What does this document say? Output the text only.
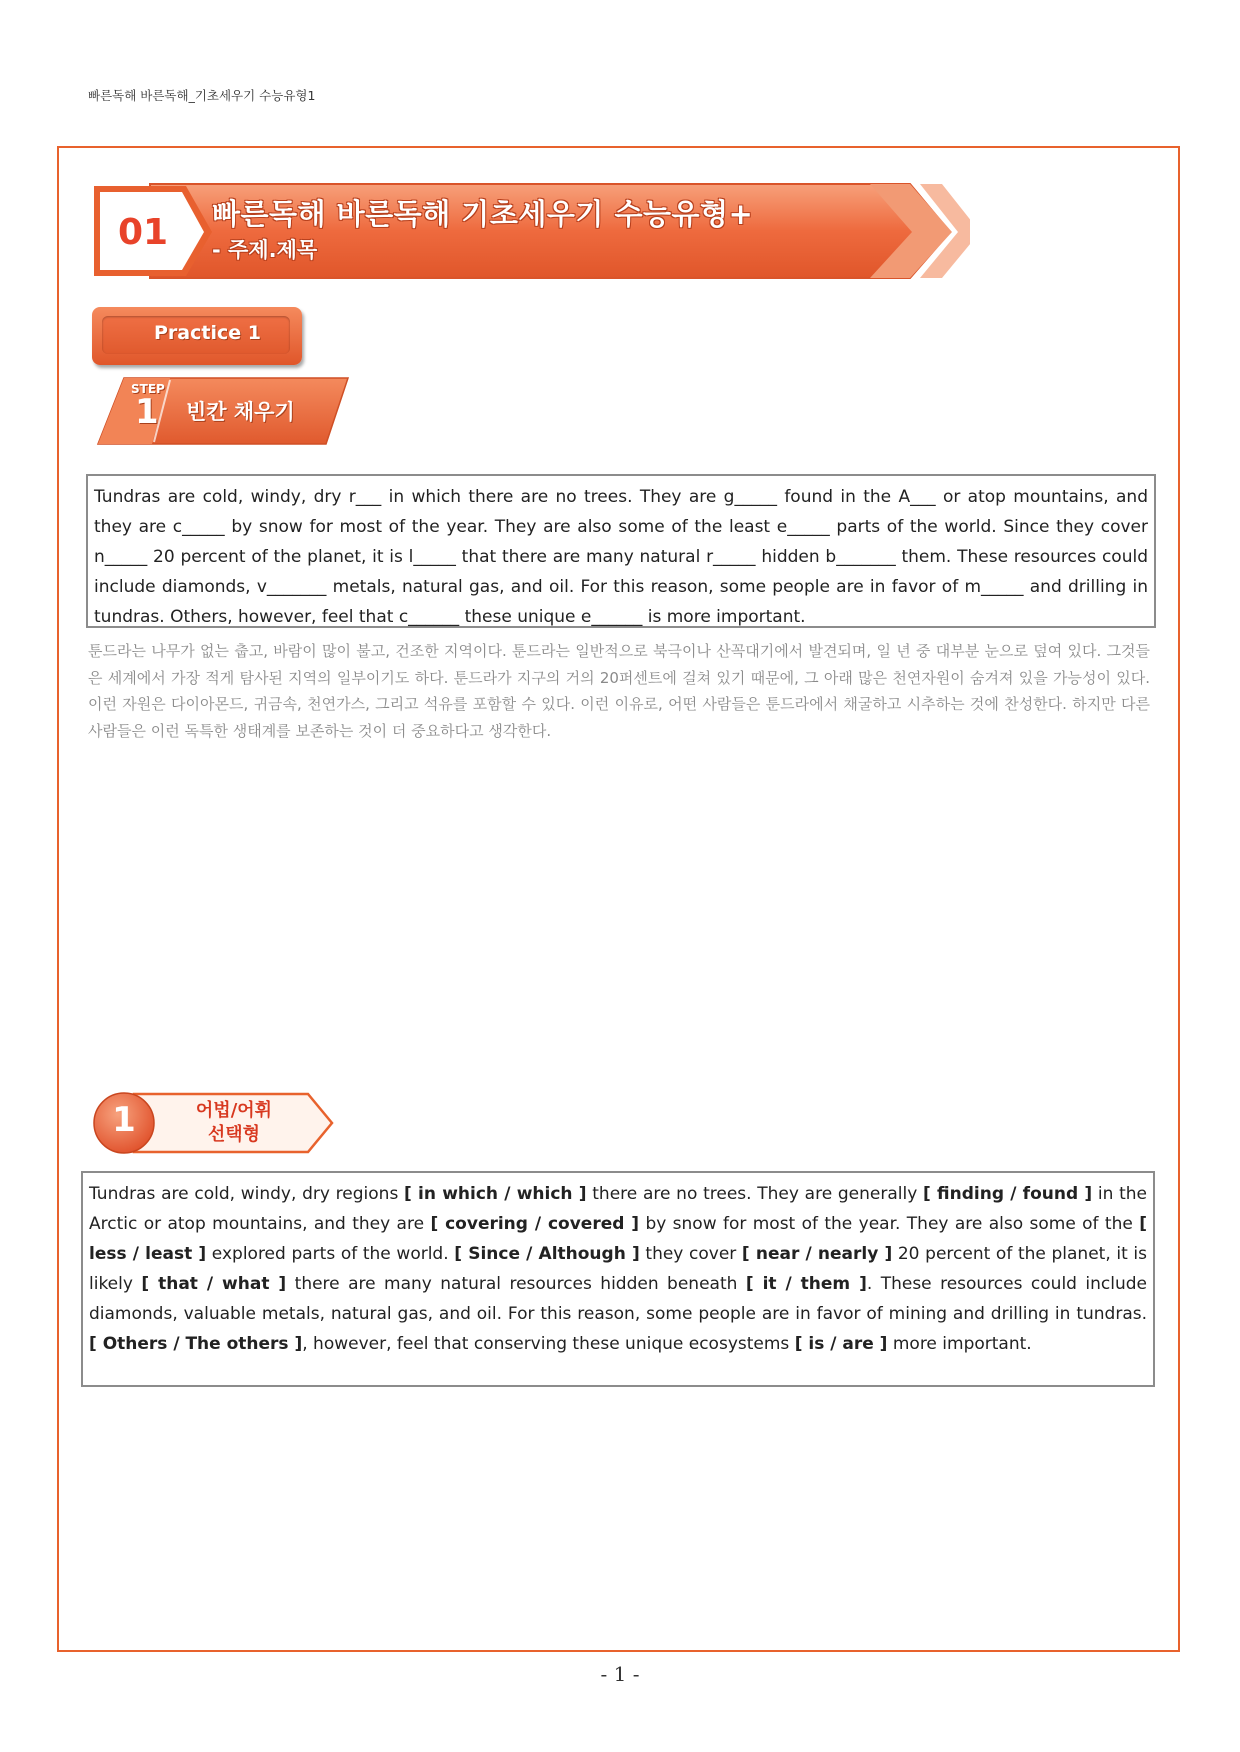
빠른독해 바른독해_기초세우기 수능유형1
01	빠른독해 바른독해 기초세우기 수능유형+
- 주제.제목
Practice 1
STEP
1 빈칸 채우기
Tundras are cold, windy, dry r___ in which there are no trees. They are g_____ found in the A___ or atop mountains, and they are c_____ by snow for most of the year. They are also some of the least e_____ parts of the world. Since they cover n_____ 20 percent of the planet, it is l_____ that there are many natural r_____ hidden b_______ them. These resources could include diamonds, v_______ metals, natural gas, and oil. For this reason, some people are in favor of m_____ and drilling in tundras. Others, however, feel that c______ these unique e______ is more important.
툰드라는 나무가 없는 춥고, 바람이 많이 불고, 건조한 지역이다. 툰드라는 일반적으로 북극이나 산꼭대기에서 발견되며, 일 년 중 대부분 눈으로 덮여 있다. 그것들은 세계에서 가장 적게 탐사된 지역의 일부이기도 하다. 툰드라가 지구의 거의 20퍼센트에 걸쳐 있기 때문에, 그 아래 많은 천연자원이 숨겨져 있을 가능성이 있다. 이런 자원은 다이아몬드, 귀금속, 천연가스, 그리고 석유를 포함할 수 있다. 이런 이유로, 어떤 사람들은 툰드라에서 채굴하고 시추하는 것에 찬성한다. 하지만 다른 사람들은 이런 독특한 생태계를 보존하는 것이 더 중요하다고 생각한다.
1	어법/어휘
선택형
Tundras are cold, windy, dry regions [ in which / which ] there are no trees. They are generally [ finding / found ] in the Arctic or atop mountains, and they are [ covering / covered ] by snow for most of the year. They are also some of the [ less / least ] explored parts of the world. [ Since / Although ] they cover [ near / nearly ] 20 percent of the planet, it is likely [ that / what ] there are many natural resources hidden beneath [ it / them ]. These resources could include diamonds, valuable metals, natural gas, and oil. For this reason, some people are in favor of mining and drilling in tundras. [ Others / The others ], however, feel that conserving these unique ecosystems [ is / are ] more important.
- 1 -
